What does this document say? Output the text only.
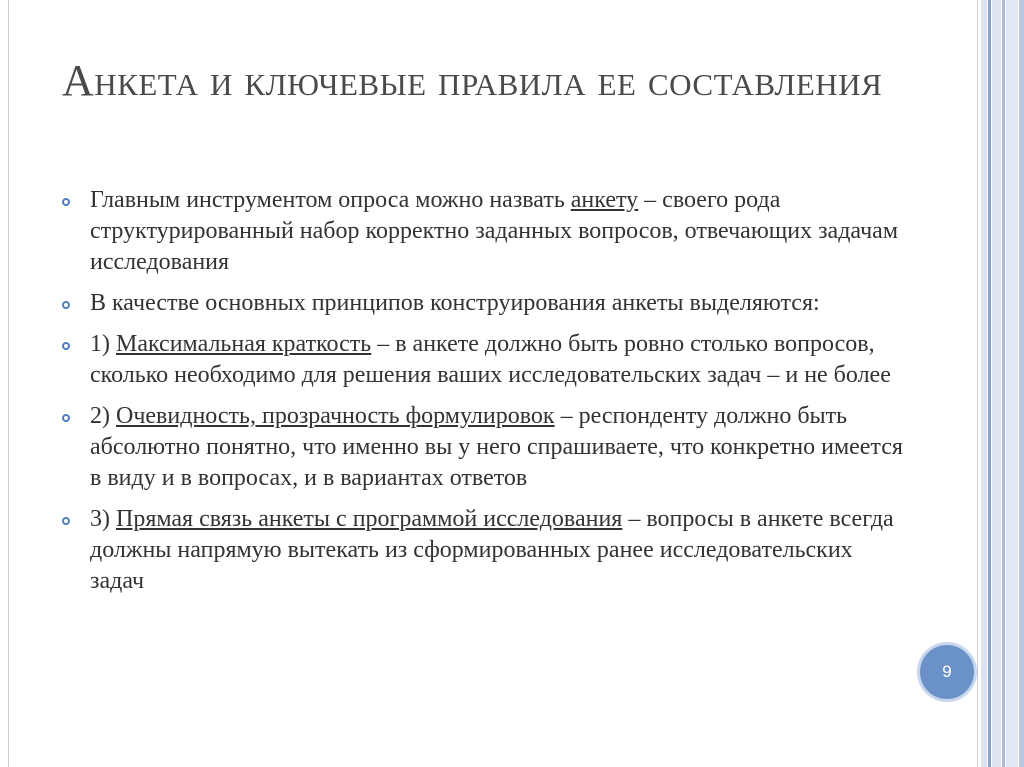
Анкета и ключевые правила ее составления
Главным инструментом опроса можно назвать анкету – своего рода структурированный набор корректно заданных вопросов, отвечающих задачам исследования
В качестве основных принципов конструирования анкеты выделяются:
1) Максимальная краткость – в анкете должно быть ровно столько вопросов, сколько необходимо для решения ваших исследовательских задач – и не более
2) Очевидность, прозрачность формулировок – респонденту должно быть абсолютно понятно, что именно вы у него спрашиваете, что конкретно имеется в виду и в вопросах, и в вариантах ответов
3) Прямая связь анкеты с программой исследования – вопросы в анкете всегда должны напрямую вытекать из сформированных ранее исследовательских задач
9
